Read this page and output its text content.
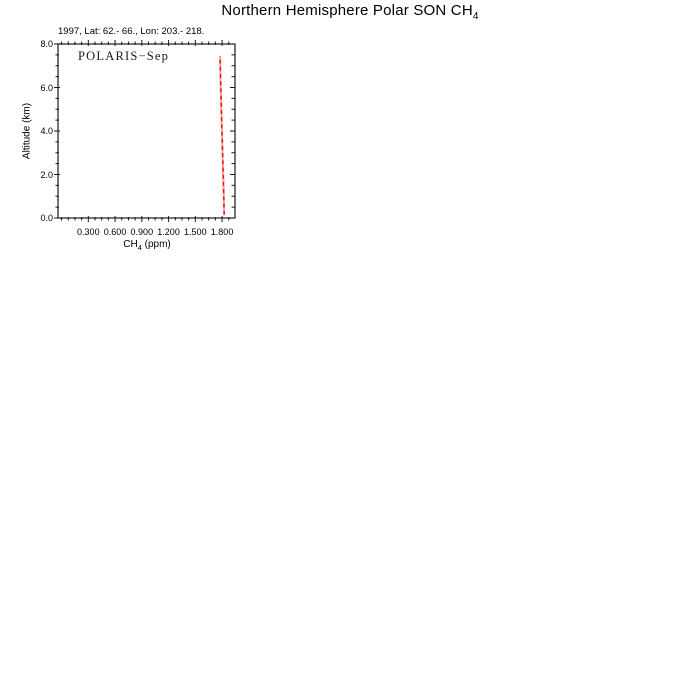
Northern Hemisphere Polar SON $CH_4$
1997, Lat: 62.- 66., Lon: 203.- 218.
POLARIS−Sep
Altitude (km)
$CH_4$ (ppm)
0.300 0.600 0.900 1.200 1.500 1.800
0.0
2.0
4.0
6.0
8.0
